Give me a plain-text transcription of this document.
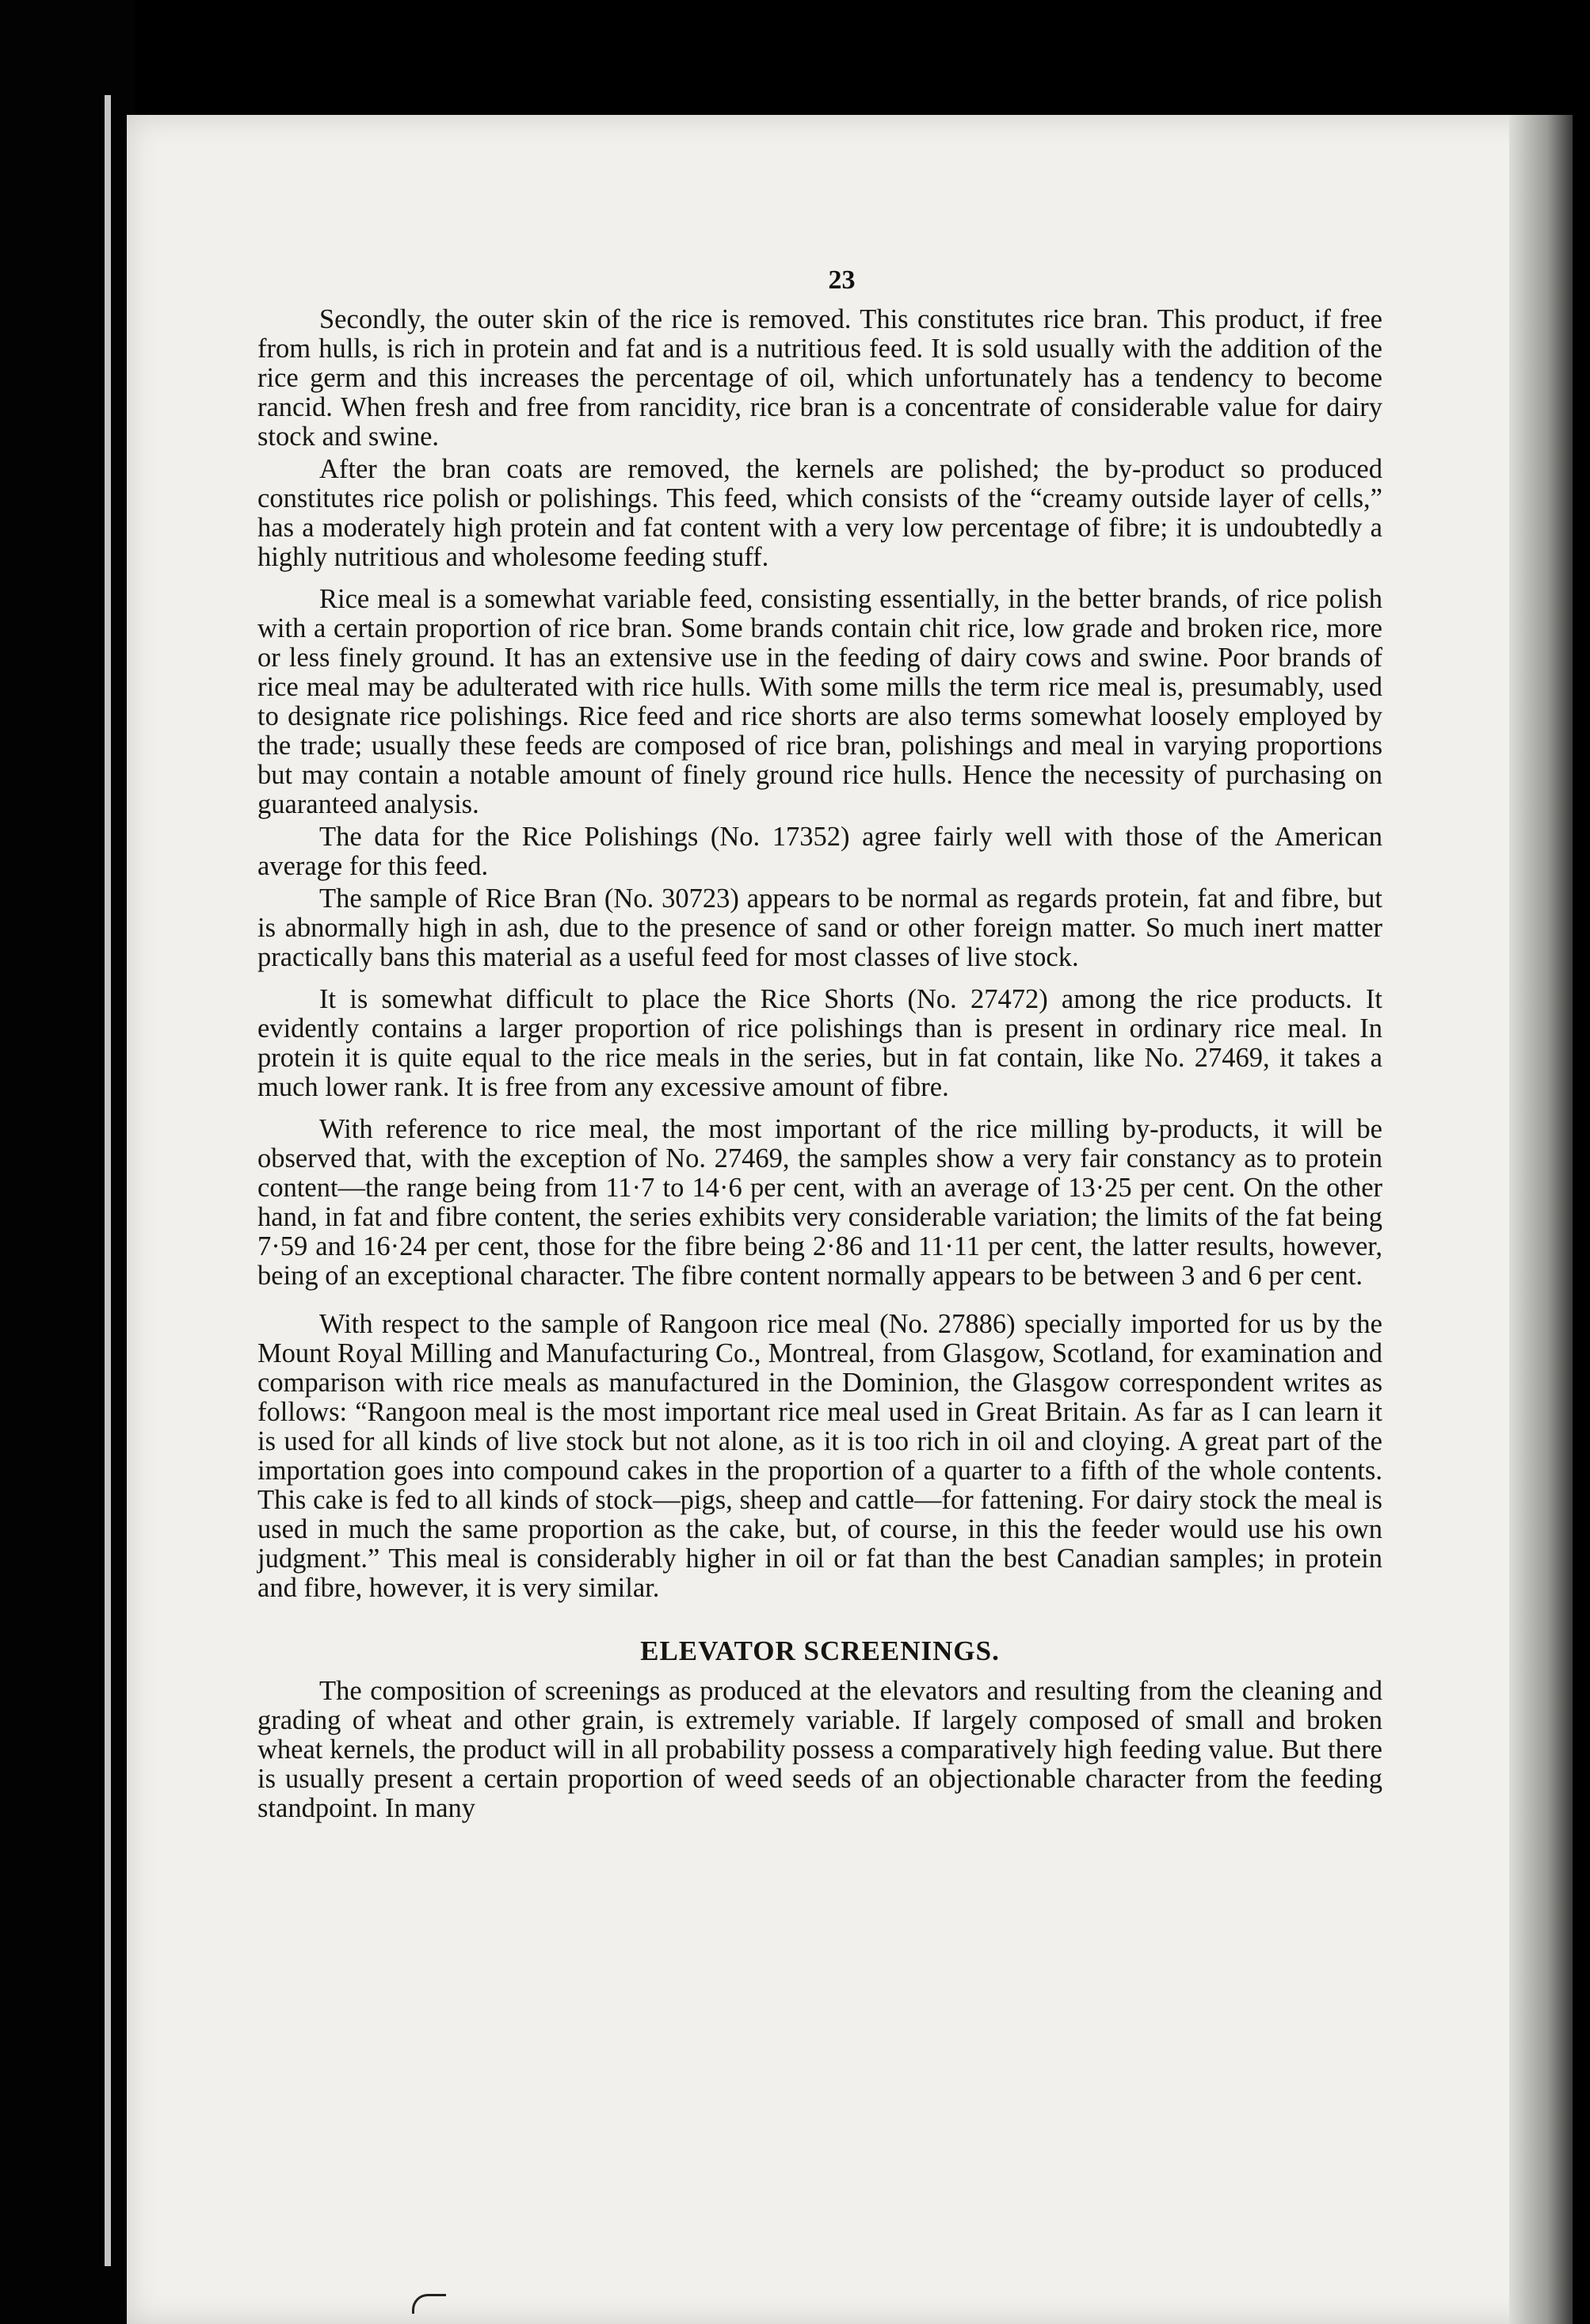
23

Secondly, the outer skin of the rice is removed. This constitutes rice bran. This product, if free from hulls, is rich in protein and fat and is a nutritious feed. It is sold usually with the addition of the rice germ and this increases the percentage of oil, which unfortunately has a tendency to become rancid. When fresh and free from rancidity, rice bran is a concentrate of considerable value for dairy stock and swine.

After the bran coats are removed, the kernels are polished; the by-product so produced constitutes rice polish or polishings. This feed, which consists of the “creamy outside layer of cells,” has a moderately high protein and fat content with a very low percentage of fibre; it is undoubtedly a highly nutritious and wholesome feeding stuff.

Rice meal is a somewhat variable feed, consisting essentially, in the better brands, of rice polish with a certain proportion of rice bran. Some brands contain chit rice, low grade and broken rice, more or less finely ground. It has an extensive use in the feeding of dairy cows and swine. Poor brands of rice meal may be adulterated with rice hulls. With some mills the term rice meal is, presumably, used to designate rice polishings. Rice feed and rice shorts are also terms somewhat loosely employed by the trade; usually these feeds are composed of rice bran, polishings and meal in varying proportions but may contain a notable amount of finely ground rice hulls. Hence the necessity of purchasing on guaranteed analysis.

The data for the Rice Polishings (No. 17352) agree fairly well with those of the American average for this feed.

The sample of Rice Bran (No. 30723) appears to be normal as regards protein, fat and fibre, but is abnormally high in ash, due to the presence of sand or other foreign matter. So much inert matter practically bans this material as a useful feed for most classes of live stock.

It is somewhat difficult to place the Rice Shorts (No. 27472) among the rice products. It evidently contains a larger proportion of rice polishings than is present in ordinary rice meal. In protein it is quite equal to the rice meals in the series, but in fat contain, like No. 27469, it takes a much lower rank. It is free from any excessive amount of fibre.

With reference to rice meal, the most important of the rice milling by-products, it will be observed that, with the exception of No. 27469, the samples show a very fair constancy as to protein content—the range being from 11·7 to 14·6 per cent, with an average of 13·25 per cent. On the other hand, in fat and fibre content, the series exhibits very considerable variation; the limits of the fat being 7·59 and 16·24 per cent, those for the fibre being 2·86 and 11·11 per cent, the latter results, however, being of an exceptional character. The fibre content normally appears to be between 3 and 6 per cent.

With respect to the sample of Rangoon rice meal (No. 27886) specially imported for us by the Mount Royal Milling and Manufacturing Co., Montreal, from Glasgow, Scotland, for examination and comparison with rice meals as manufactured in the Dominion, the Glasgow correspondent writes as follows: “Rangoon meal is the most important rice meal used in Great Britain. As far as I can learn it is used for all kinds of live stock but not alone, as it is too rich in oil and cloying. A great part of the importation goes into compound cakes in the proportion of a quarter to a fifth of the whole contents. This cake is fed to all kinds of stock—pigs, sheep and cattle—for fattening. For dairy stock the meal is used in much the same proportion as the cake, but, of course, in this the feeder would use his own judgment.” This meal is considerably higher in oil or fat than the best Canadian samples; in protein and fibre, however, it is very similar.

ELEVATOR SCREENINGS.

The composition of screenings as produced at the elevators and resulting from the cleaning and grading of wheat and other grain, is extremely variable. If largely composed of small and broken wheat kernels, the product will in all probability possess a comparatively high feeding value. But there is usually present a certain proportion of weed seeds of an objectionable character from the feeding standpoint. In many
